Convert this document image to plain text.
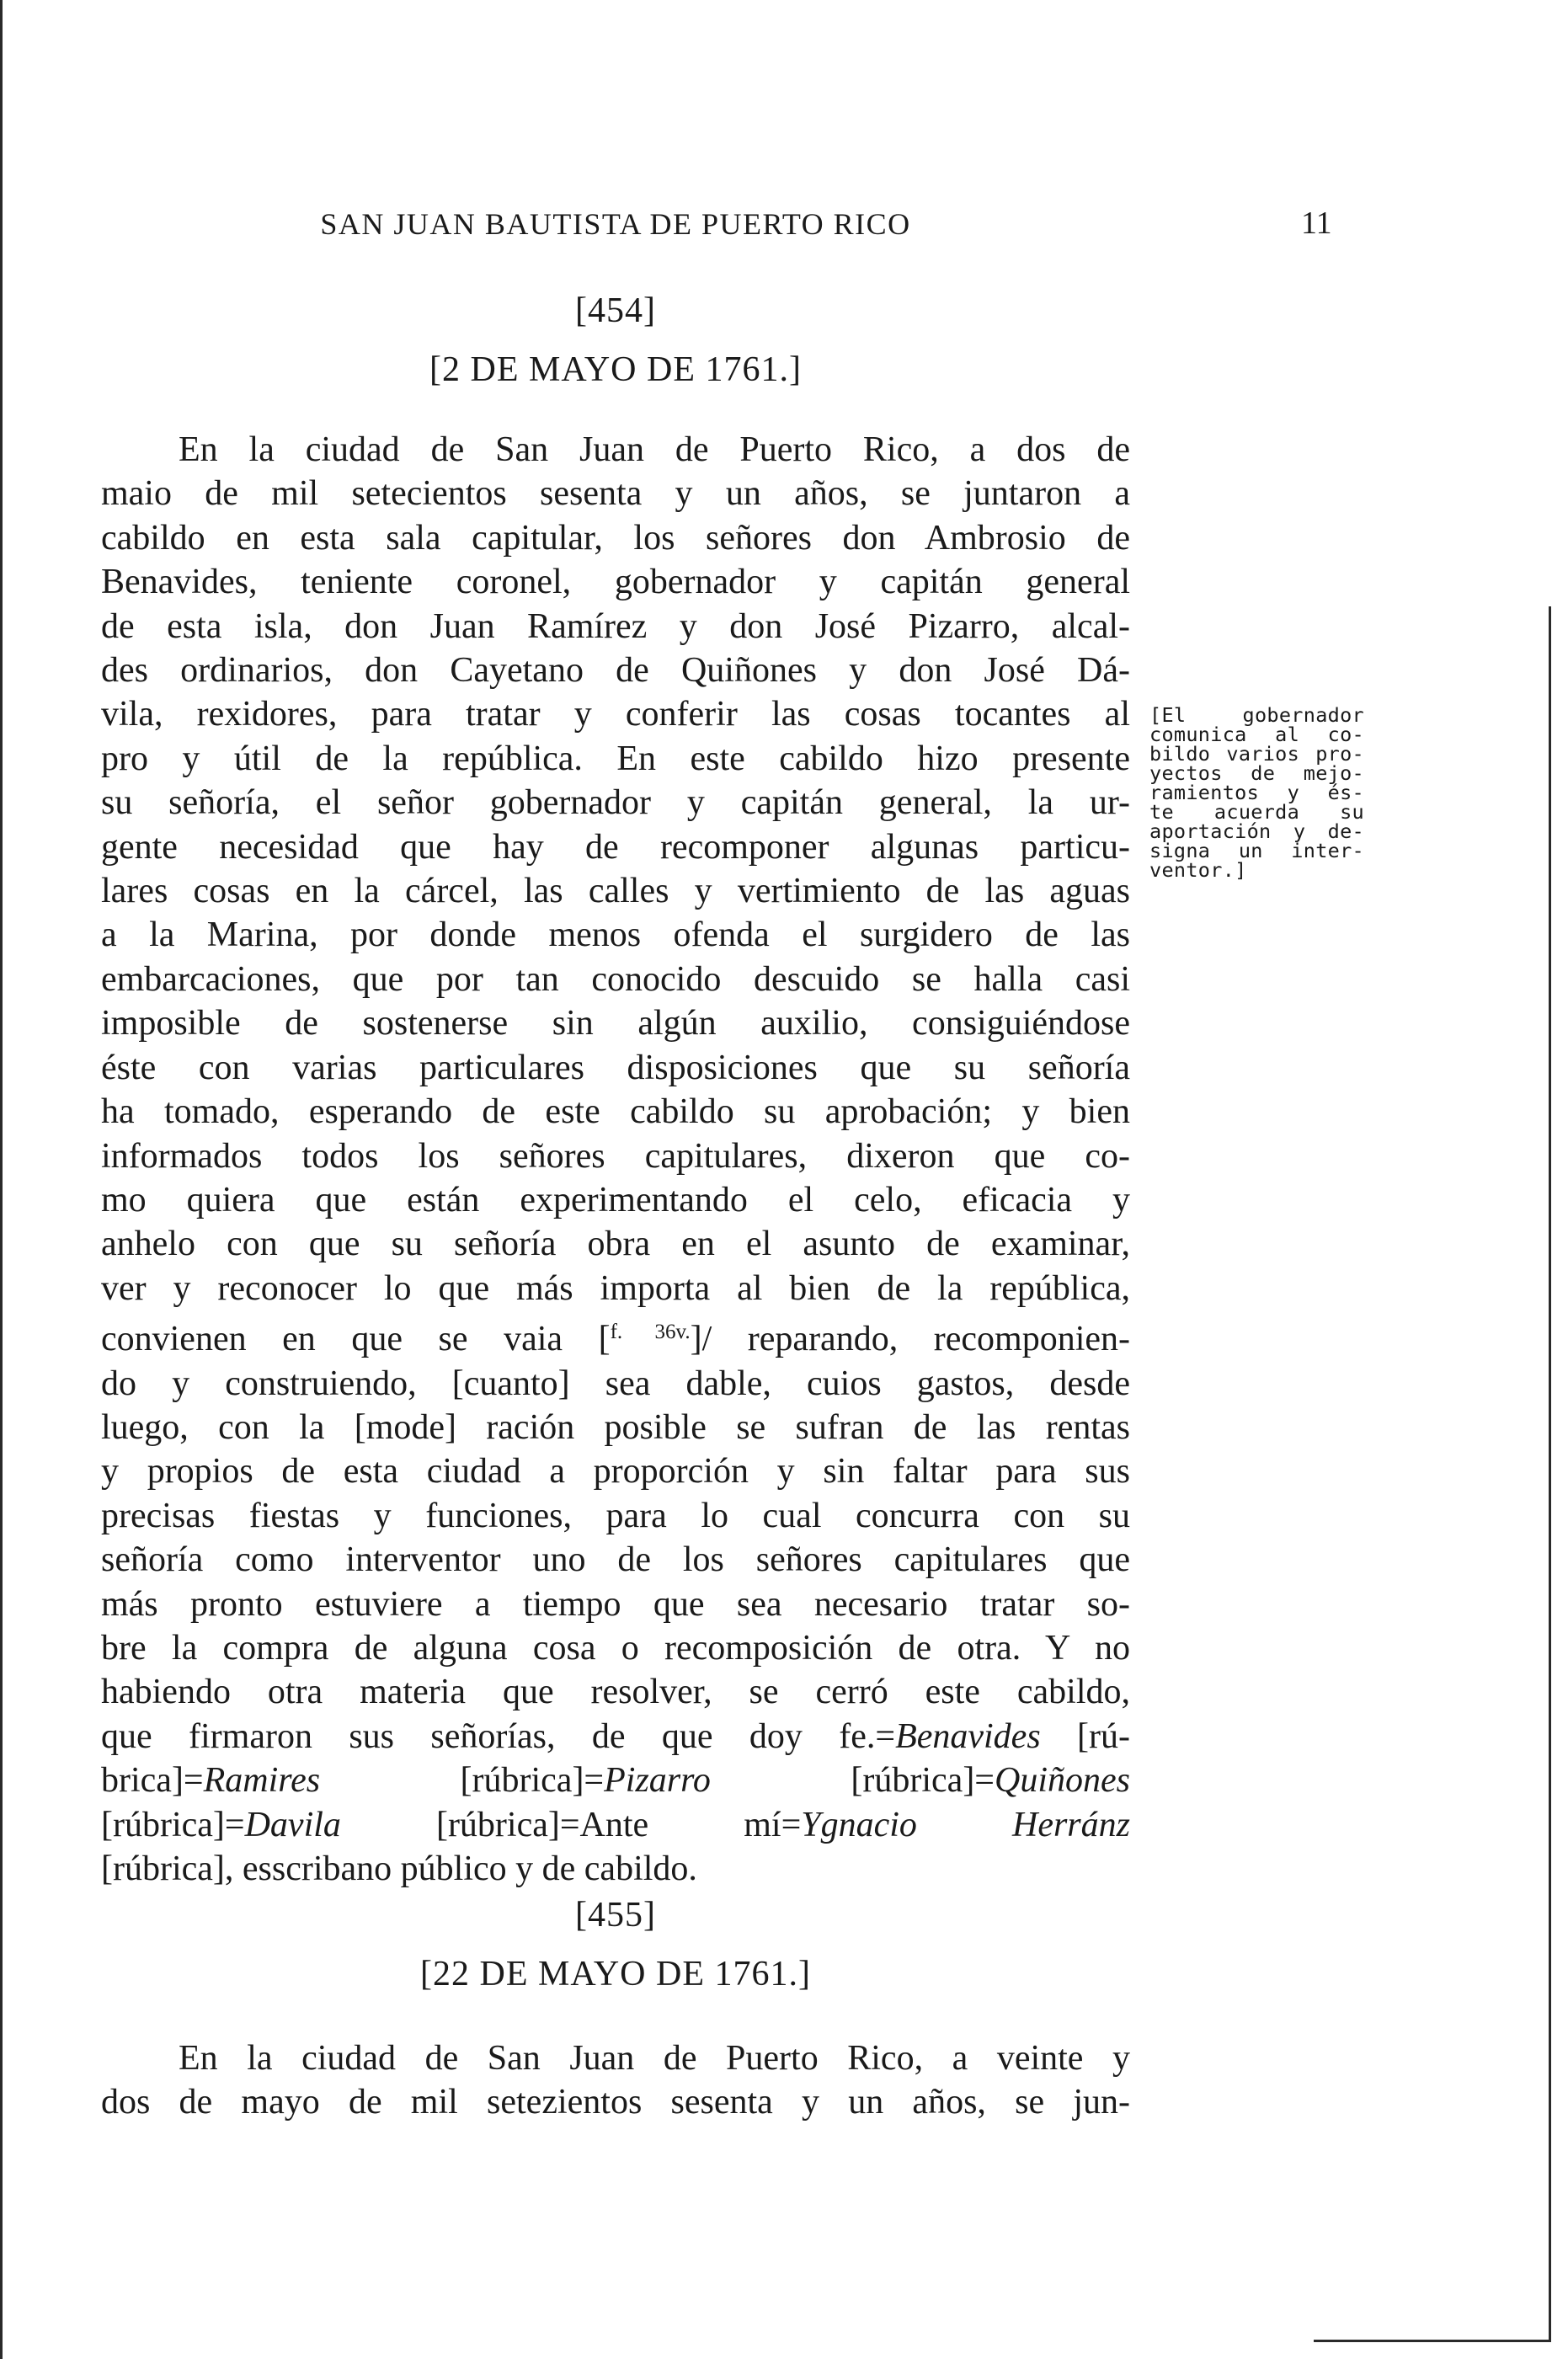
SAN JUAN BAUTISTA DE PUERTO RICO	11
[454]
[2 DE MAYO DE 1761.]
En la ciudad de San Juan de Puerto Rico, a dos de
maio de mil setecientos sesenta y un años, se juntaron a
cabildo en esta sala capitular, los señores don Ambrosio de
Benavides, teniente coronel, gobernador y capitán general
de esta isla, don Juan Ramírez y don José Pizarro, alcal-
des ordinarios, don Cayetano de Quiñones y don José Dá-
vila, rexidores, para tratar y conferir las cosas tocantes al
pro y útil de la república. En este cabildo hizo presente
su señoría, el señor gobernador y capitán general, la ur-
gente necesidad que hay de recomponer algunas particu-
lares cosas en la cárcel, las calles y vertimiento de las aguas
a la Marina, por donde menos ofenda el surgidero de las
embarcaciones, que por tan conocido descuido se halla casi
imposible de sostenerse sin algún auxilio, consiguiéndose
éste con varias particulares disposiciones que su señoría
ha tomado, esperando de este cabildo su aprobación; y bien
informados todos los señores capitulares, dixeron que co-
mo quiera que están experimentando el celo, eficacia y
anhelo con que su señoría obra en el asunto de examinar,
ver y reconocer lo que más importa al bien de la república,
convienen en que se vaia [$^{f. 36v.}$]/ reparando, recomponien-
do y construiendo, [cuanto] sea dable, cuios gastos, desde
luego, con la [mode] ración posible se sufran de las rentas
y propios de esta ciudad a proporción y sin faltar para sus
precisas fiestas y funciones, para lo cual concurra con su
señoría como interventor uno de los señores capitulares que
más pronto estuviere a tiempo que sea necesario tratar so-
bre la compra de alguna cosa o recomposición de otra. Y no
habiendo otra materia que resolver, se cerró este cabildo,
que firmaron sus señorías, de que doy fe.=Benavides [rú-
brica]=Ramires [rúbrica]=Pizarro [rúbrica]=Quiñones
[rúbrica]=Davila [rúbrica]=Ante mí=Ygnacio Herránz
[rúbrica], esscribano público y de cabildo.
[El gobernador
comunica al co-
bildo varios pro-
yectos de mejo-
ramientos y és-
te acuerda su
aportación y de-
signa un inter-
ventor.]
[455]
[22 DE MAYO DE 1761.]
En la ciudad de San Juan de Puerto Rico, a veinte y
dos de mayo de mil setezientos sesenta y un años, se jun-
